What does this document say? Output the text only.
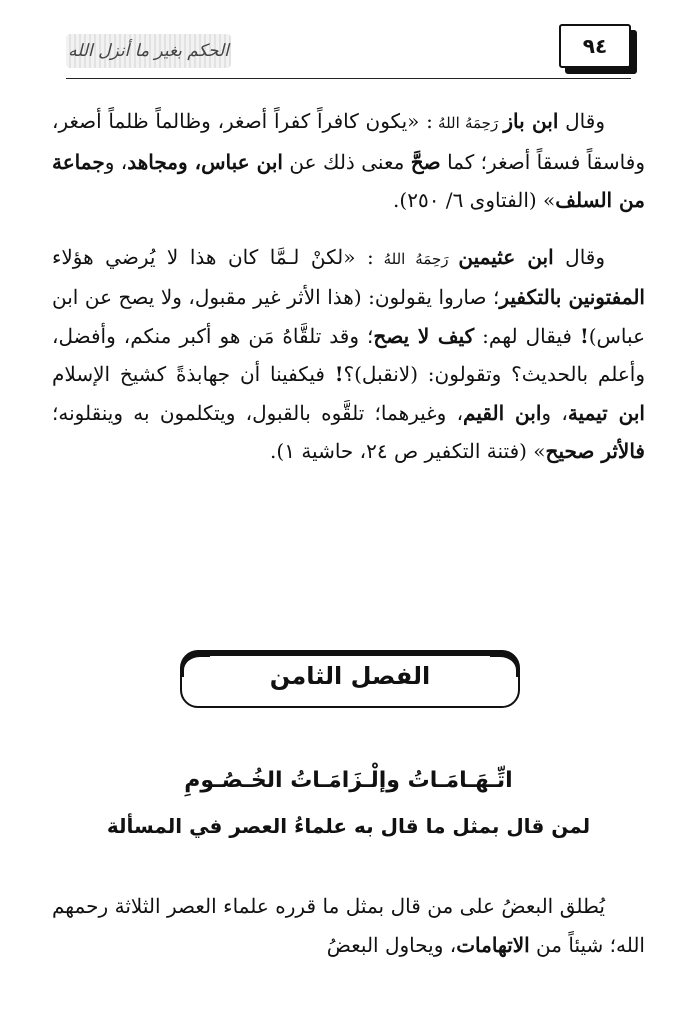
٩٤
الحكم بغير ما أنزل الله

وقال ابن باز رَحِمَهُ اللهُ : «يكون كافراً كفراً أصغر، وظالماً ظلماً أصغر، وفاسقاً فسقاً أصغر؛ كما صحَّ معنى ذلك عن ابن عباس، ومجاهد، وجماعة من السلف» (الفتاوى ٦/ ٢٥٠).

وقال ابن عثيمين رَحِمَهُ اللهُ : «لكنْ لـمَّا كان هذا لا يُرضي هؤلاء المفتونين بالتكفير؛ صاروا يقولون: (هذا الأثر غير مقبول، ولا يصح عن ابن عباس)! فيقال لهم: كيف لا يصح؛ وقد تلقَّاهُ مَن هو أكبر منكم، وأفضل، وأعلم بالحديث؟ وتقولون: (لانقبل)؟! فيكفينا أن جهابذةً كشيخ الإسلام ابن تيمية، وابن القيم، وغيرهما؛ تلقَّوه بالقبول، ويتكلمون به وينقلونه؛ فالأثر صحيح» (فتنة التكفير ص ٢٤، حاشية ١).

الفصل الثامن
اتِّـهَـامَـاتُ وإلْـزَامَـاتُ الخُـصُـومِ
لمن قال بمثل ما قال به علماءُ العصر في المسألة

يُطلق البعضُ على من قال بمثل ما قرره علماء العصر الثلاثة رحمهم الله؛ شيئاً من الاتهامات، ويحاول البعضُ
